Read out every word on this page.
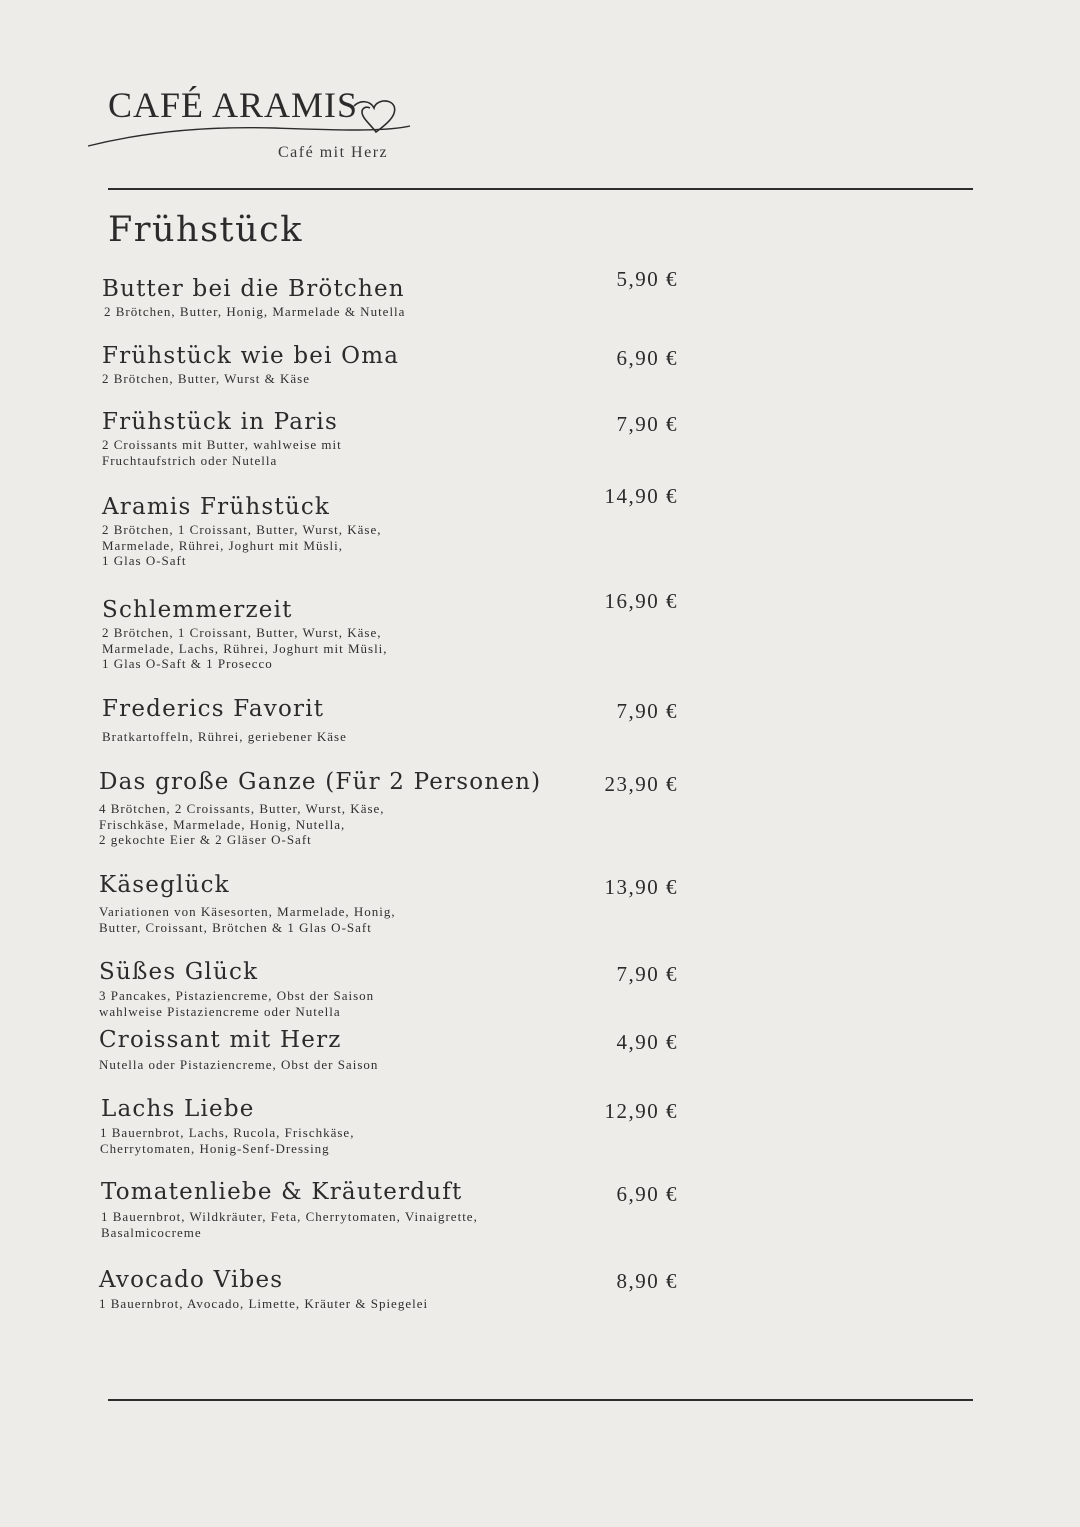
CAFÉ ARAMIS
Café mit Herz
Frühstück
Butter bei die Brötchen
2 Brötchen, Butter, Honig, Marmelade & Nutella
5,90 €
Frühstück wie bei Oma
2 Brötchen, Butter, Wurst & Käse
6,90 €
Frühstück in Paris
2 Croissants mit Butter, wahlweise mit
Fruchtaufstrich oder Nutella
7,90 €
Aramis Frühstück
2 Brötchen, 1 Croissant, Butter, Wurst, Käse,
Marmelade, Rührei, Joghurt mit Müsli,
1 Glas O-Saft
14,90 €
Schlemmerzeit
2 Brötchen, 1 Croissant, Butter, Wurst, Käse,
Marmelade, Lachs, Rührei, Joghurt mit Müsli,
1 Glas O-Saft & 1 Prosecco
16,90 €
Frederics Favorit
Bratkartoffeln, Rührei, geriebener Käse
7,90 €
Das große Ganze (Für 2 Personen)
4 Brötchen, 2 Croissants, Butter, Wurst, Käse,
Frischkäse, Marmelade, Honig, Nutella,
2 gekochte Eier & 2 Gläser O-Saft
23,90 €
Käseglück
Variationen von Käsesorten, Marmelade, Honig,
Butter, Croissant, Brötchen & 1 Glas O-Saft
13,90 €
Süßes Glück
3 Pancakes, Pistaziencreme, Obst der Saison
wahlweise Pistaziencreme oder Nutella
7,90 €
Croissant mit Herz
Nutella oder Pistaziencreme, Obst der Saison
4,90 €
Lachs Liebe
1 Bauernbrot, Lachs, Rucola, Frischkäse,
Cherrytomaten, Honig-Senf-Dressing
12,90 €
Tomatenliebe & Kräuterduft
1 Bauernbrot, Wildkräuter, Feta, Cherrytomaten, Vinaigrette,
Basalmicocreme
6,90 €
Avocado Vibes
1 Bauernbrot, Avocado, Limette, Kräuter & Spiegelei
8,90 €
